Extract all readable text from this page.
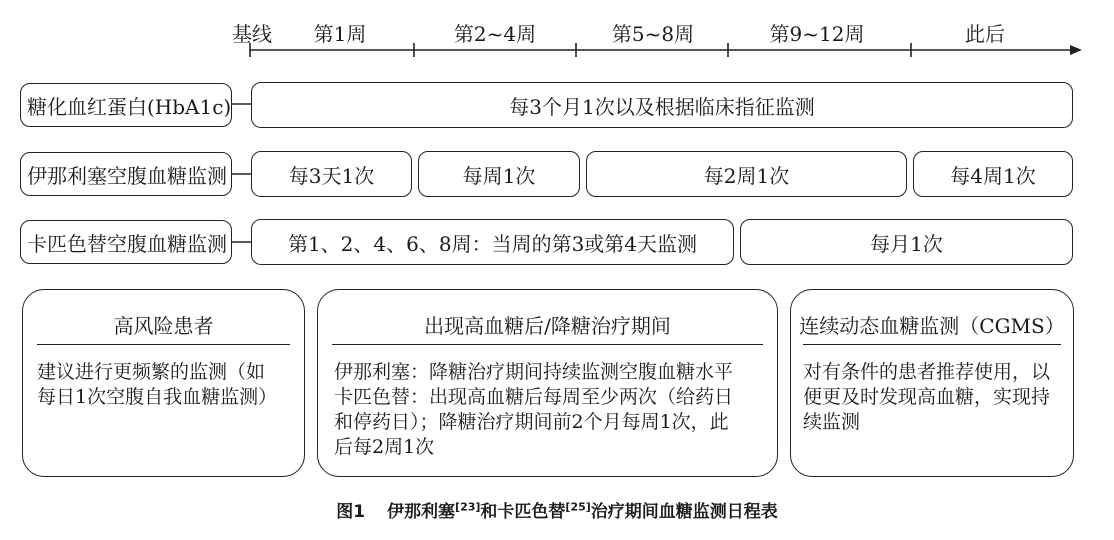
基线	第1周	第2~4周	第5~8周	第9~12周	此后
糖化血红蛋白(HbA1c)	每3个月1次以及根据临床指征监测
伊那利塞空腹血糖监测	每3天1次	每周1次	每2周1次	每4周1次
卡匹色替空腹血糖监测	第1、2、4、6、8周：当周的第3或第4天监测	每月1次
高风险患者
建议进行更频繁的监测（如
每日1次空腹自我血糖监测）
出现高血糖后/降糖治疗期间
伊那利塞：降糖治疗期间持续监测空腹血糖水平
卡匹色替：出现高血糖后每周至少两次（给药日
和停药日）；降糖治疗期间前2个月每周1次，此
后每2周1次
连续动态血糖监测（CGMS）
对有条件的患者推荐使用，以
便更及时发现高血糖，实现持
续监测
图1 伊那利塞[23]和卡匹色替[25]治疗期间血糖监测日程表
